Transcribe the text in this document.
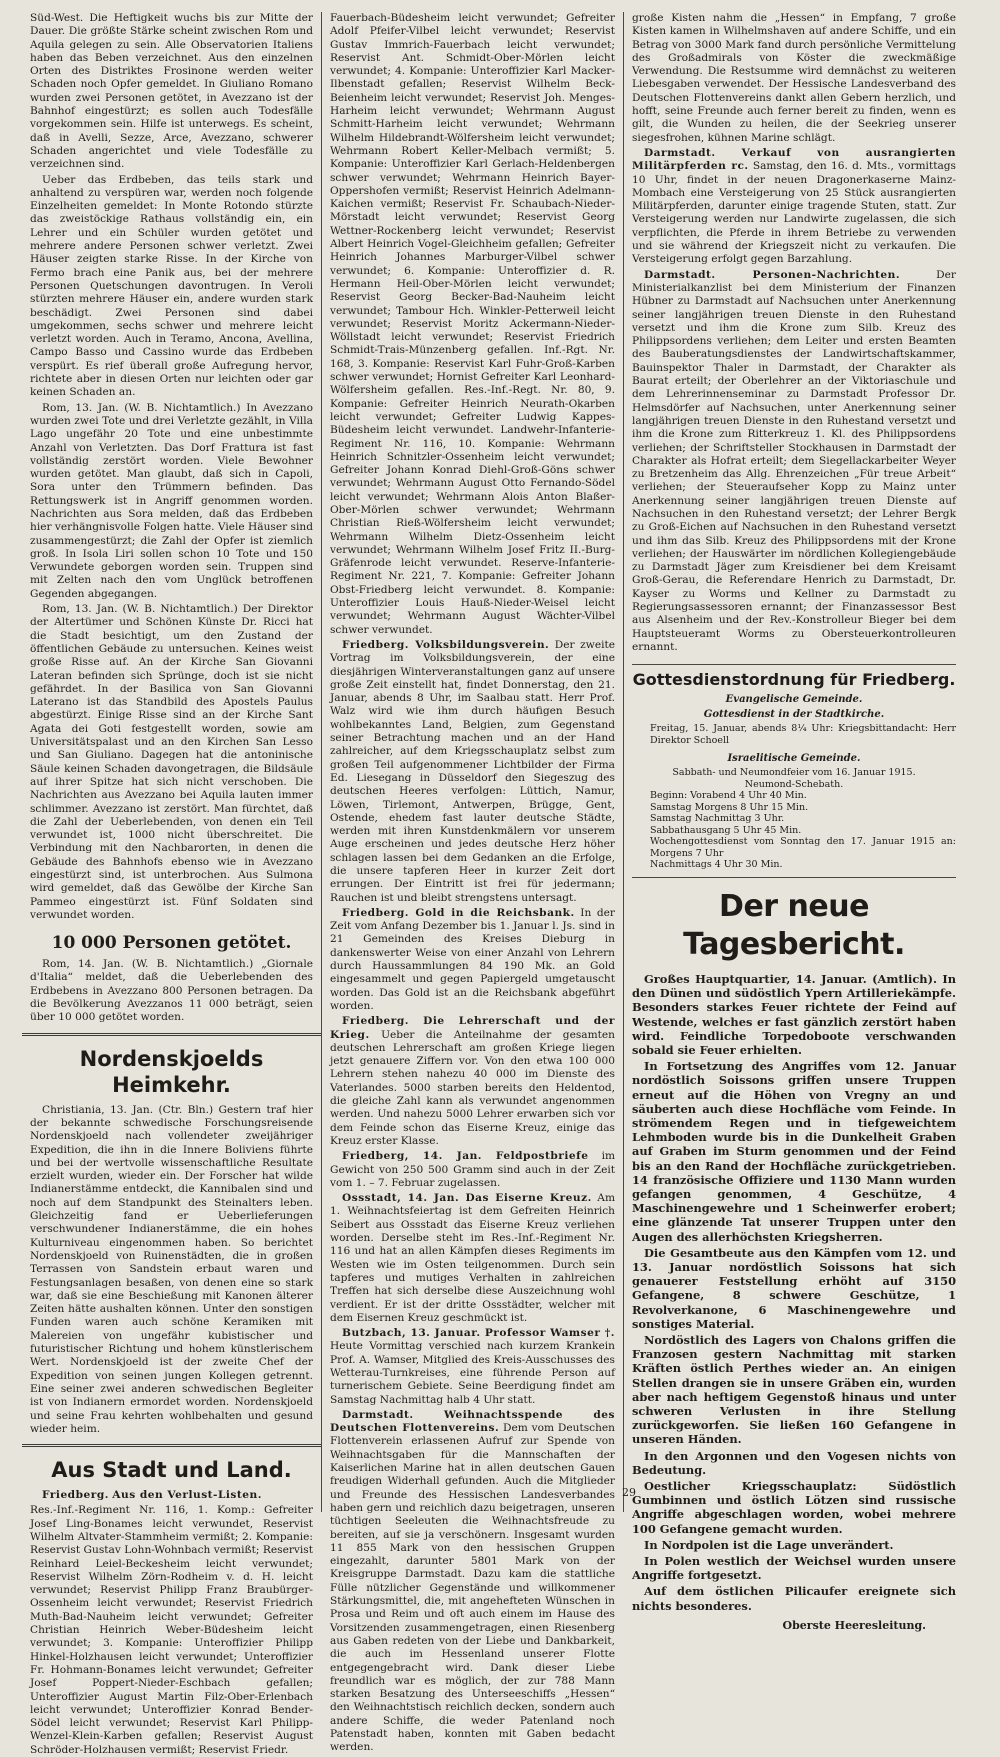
Süd-West. Die Heftigkeit wuchs bis zur Mitte der Dauer. Die größte Stärke scheint zwischen Rom und Aquila gelegen zu sein. Alle Observatorien Italiens haben das Beben verzeichnet. Aus den einzelnen Orten des Distriktes Frosinone werden weiter Schaden noch Opfer gemeldet. In Giuliano Romano wurden zwei Personen getötet, in Avezzano ist der Bahnhof eingestürzt; es sollen auch Todesfälle vorgekommen sein. Hilfe ist unterwegs. Es scheint, daß in Avelli, Sezze, Arce, Avezzano, schwerer Schaden angerichtet und viele Todesfälle zu verzeichnen sind.

Ueber das Erdbeben, das teils stark und anhaltend zu verspüren war, werden noch folgende Einzelheiten gemeldet: In Monte Rotondo stürzte das zweistöckige Rathaus vollständig ein, ein Lehrer und ein Schüler wurden getötet und mehrere andere Personen schwer verletzt. Zwei Häuser zeigten starke Risse. In der Kirche von Fermo brach eine Panik aus, bei der mehrere Personen Quetschungen davontrugen. In Veroli stürzten mehrere Häuser ein, andere wurden stark beschädigt. Zwei Personen sind dabei umgekommen, sechs schwer und mehrere leicht verletzt worden. Auch in Teramo, Ancona, Avellina, Campo Basso und Cassino wurde das Erdbeben verspürt. Es rief überall große Aufregung hervor, richtete aber in diesen Orten nur leichten oder gar keinen Schaden an.

Rom, 13. Jan. (W. B. Nichtamtlich.) In Avezzano wurden zwei Tote und drei Verletzte gezählt, in Villa Lago ungefähr 20 Tote und eine unbestimmte Anzahl von Verletzten. Das Dorf Frattura ist fast vollständig zerstört worden. Viele Bewohner wurden getötet. Man glaubt, daß sich in Capoli, Sora unter den Trümmern befinden. Das Rettungswerk ist in Angriff genommen worden. Nachrichten aus Sora melden, daß das Erdbeben hier verhängnisvolle Folgen hatte. Viele Häuser sind zusammengestürzt; die Zahl der Opfer ist ziemlich groß. In Isola Liri sollen schon 10 Tote und 150 Verwundete geborgen worden sein. Truppen sind mit Zelten nach den vom Unglück betroffenen Gegenden abgegangen.

Rom, 13. Jan. (W. B. Nichtamtlich.) Der Direktor der Altertümer und Schönen Künste Dr. Ricci hat die Stadt besichtigt, um den Zustand der öffentlichen Gebäude zu untersuchen. Keines weist große Risse auf. An der Kirche San Giovanni Lateran befinden sich Sprünge, doch ist sie nicht gefährdet. In der Basilica von San Giovanni Laterano ist das Standbild des Apostels Paulus abgestürzt. Einige Risse sind an der Kirche Sant Agata dei Goti festgestellt worden, sowie am Universitätspalast und an den Kirchen San Lesso und San Giuliano. Dagegen hat die antoninische Säule keinen Schaden davongetragen, die Bildsäule auf ihrer Spitze hat sich nicht verschoben. Die Nachrichten aus Avezzano bei Aquila lauten immer schlimmer. Avezzano ist zerstört. Man fürchtet, daß die Zahl der Ueberlebenden, von denen ein Teil verwundet ist, 1000 nicht überschreitet. Die Verbindung mit den Nachbarorten, in denen die Gebäude des Bahnhofs ebenso wie in Avezzano eingestürzt sind, ist unterbrochen. Aus Sulmona wird gemeldet, daß das Gewölbe der Kirche San Pammeo eingestürzt ist. Fünf Soldaten sind verwundet worden.

10 000 Personen getötet.

Rom, 14. Jan. (W. B. Nichtamtlich.) „Giornale d'Italia“ meldet, daß die Ueberlebenden des Erdbebens in Avezzano 800 Personen betragen. Da die Bevölkerung Avezzanos 11 000 beträgt, seien über 10 000 getötet worden.

Nordenskjoelds Heimkehr.

Christiania, 13. Jan. (Ctr. Bln.) Gestern traf hier der bekannte schwedische Forschungsreisende Nordenskjoeld nach vollendeter zweijähriger Expedition, die ihn in die Innere Boliviens führte und bei der wertvolle wissenschaftliche Resultate erzielt wurden, wieder ein. Der Forscher hat wilde Indianerstämme entdeckt, die Kannibalen sind und noch auf dem Standpunkt des Steinalters leben. Gleichzeitig fand er Ueberlieferungen verschwundener Indianerstämme, die ein hohes Kulturniveau eingenommen haben. So berichtet Nordenskjoeld von Ruinenstädten, die in großen Terrassen von Sandstein erbaut waren und Festungsanlagen besaßen, von denen eine so stark war, daß sie eine Beschießung mit Kanonen älterer Zeiten hätte aushalten können. Unter den sonstigen Funden waren auch schöne Keramiken mit Malereien von ungefähr kubistischer und futuristischer Richtung und hohem künstlerischem Wert. Nordenskjoeld ist der zweite Chef der Expedition von seinen jungen Kollegen getrennt. Eine seiner zwei anderen schwedischen Begleiter ist von Indianern ermordet worden. Nordenskjoeld und seine Frau kehrten wohlbehalten und gesund wieder heim.

Aus Stadt und Land.

Friedberg. Aus den Verlust-Listen.

Res.-Inf.-Regiment Nr. 116, 1. Komp.: Gefreiter Josef Ling-Bonames leicht verwundet, Reservist Wilhelm Altvater-Stammheim vermißt; 2. Kompanie: Reservist Gustav Lohn-Wohnbach vermißt; Reservist Reinhard Leiel-Beckesheim leicht verwundet; Reservist Wilhelm Zörn-Rodheim v. d. H. leicht verwundet; Reservist Philipp Franz Braubürger-Ossenheim leicht verwundet; Reservist Friedrich Muth-Bad-Nauheim leicht verwundet; Gefreiter Christian Heinrich Weber-Büdesheim leicht verwundet; 3. Kompanie: Unteroffizier Philipp Hinkel-Holzhausen leicht verwundet; Unteroffizier Fr. Hohmann-Bonames leicht verwundet; Gefreiter Josef Poppert-Nieder-Eschbach gefallen; Unteroffizier August Martin Filz-Ober-Erlenbach leicht verwundet; Unteroffizier Konrad Bender-Södel leicht verwundet; Reservist Karl Philipp-Wenzel-Klein-Karben gefallen; Reservist August Schröder-Holzhausen vermißt; Reservist Friedr.

Fauerbach-Büdesheim leicht verwundet; Gefreiter Adolf Pfeifer-Vilbel leicht verwundet; Reservist Gustav Immrich-Fauerbach leicht verwundet; Reservist Ant. Schmidt-Ober-Mörlen leicht verwundet; 4. Kompanie: Unteroffizier Karl Macker-Ilbenstadt gefallen; Reservist Wilhelm Beck-Beienheim leicht verwundet; Reservist Joh. Menges-Harheim leicht verwundet; Wehrmann August Schmitt-Harheim leicht verwundet; Wehrmann Wilhelm Hildebrandt-Wölfersheim leicht verwundet; Wehrmann Robert Keller-Melbach vermißt; 5. Kompanie: Unteroffizier Karl Gerlach-Heldenbergen schwer verwundet; Wehrmann Heinrich Bayer-Oppershofen vermißt; Reservist Heinrich Adelmann-Kaichen vermißt; Reservist Fr. Schaubach-Nieder-Mörstadt leicht verwundet; Reservist Georg Wettner-Rockenberg leicht verwundet; Reservist Albert Heinrich Vogel-Gleichheim gefallen; Gefreiter Heinrich Johannes Marburger-Vilbel schwer verwundet; 6. Kompanie: Unteroffizier d. R. Hermann Heil-Ober-Mörlen leicht verwundet; Reservist Georg Becker-Bad-Nauheim leicht verwundet; Tambour Hch. Winkler-Petterweil leicht verwundet; Reservist Moritz Ackermann-Nieder-Wöllstadt leicht verwundet; Reservist Friedrich Schmidt-Trais-Münzenberg gefallen. Inf.-Rgt. Nr. 168, 3. Kompanie: Reservist Karl Fuhr-Groß-Karben schwer verwundet; Hornist Gefreiter Karl Leonhard-Wölfersheim gefallen. Res.-Inf.-Regt. Nr. 80, 9. Kompanie: Gefreiter Heinrich Neurath-Okarben leicht verwundet; Gefreiter Ludwig Kappes-Büdesheim leicht verwundet. Landwehr-Infanterie-Regiment Nr. 116, 10. Kompanie: Wehrmann Heinrich Schnitzler-Ossenheim leicht verwundet; Gefreiter Johann Konrad Diehl-Groß-Göns schwer verwundet; Wehrmann August Otto Fernando-Södel leicht verwundet; Wehrmann Alois Anton Blaßer-Ober-Mörlen schwer verwundet; Wehrmann Christian Rieß-Wölfersheim leicht verwundet; Wehrmann Wilhelm Dietz-Ossenheim leicht verwundet; Wehrmann Wilhelm Josef Fritz II.-Burg-Gräfenrode leicht verwundet. Reserve-Infanterie-Regiment Nr. 221, 7. Kompanie: Gefreiter Johann Obst-Friedberg leicht verwundet. 8. Kompanie: Unteroffizier Louis Hauß-Nieder-Weisel leicht verwundet; Wehrmann August Wächter-Vilbel schwer verwundet.

Friedberg. Volksbildungsverein. Der zweite Vortrag im Volksbildungsverein, der eine diesjährigen Winterveranstaltungen ganz auf unsere große Zeit einstellt hat, findet Donnerstag, den 21. Januar, abends 8 Uhr, im Saalbau statt. Herr Prof. Walz wird wie ihm durch häufigen Besuch wohlbekanntes Land, Belgien, zum Gegenstand seiner Betrachtung machen und an der Hand zahlreicher, auf dem Kriegsschauplatz selbst zum großen Teil aufgenommener Lichtbilder der Firma Ed. Liesegang in Düsseldorf den Siegeszug des deutschen Heeres verfolgen: Lüttich, Namur, Löwen, Tirlemont, Antwerpen, Brügge, Gent, Ostende, ehedem fast lauter deutsche Städte, werden mit ihren Kunstdenkmälern vor unserem Auge erscheinen und jedes deutsche Herz höher schlagen lassen bei dem Gedanken an die Erfolge, die unsere tapferen Heer in kurzer Zeit dort errungen. Der Eintritt ist frei für jedermann; Rauchen ist und bleibt strengstens untersagt.

Friedberg. Gold in die Reichsbank. In der Zeit vom Anfang Dezember bis 1. Januar l. Js. sind in 21 Gemeinden des Kreises Dieburg in dankenswerter Weise von einer Anzahl von Lehrern durch Haussammlungen 84 190 Mk. an Gold eingesammelt und gegen Papiergeld umgetauscht worden. Das Gold ist an die Reichsbank abgeführt worden.

Friedberg. Die Lehrerschaft und der Krieg. Ueber die Anteilnahme der gesamten deutschen Lehrerschaft am großen Kriege liegen jetzt genauere Ziffern vor. Von den etwa 100 000 Lehrern stehen nahezu 40 000 im Dienste des Vaterlandes. 5000 starben bereits den Heldentod, die gleiche Zahl kann als verwundet angenommen werden. Und nahezu 5000 Lehrer erwarben sich vor dem Feinde schon das Eiserne Kreuz, einige das Kreuz erster Klasse.

Friedberg, 14. Jan. Feldpostbriefe im Gewicht von 250 500 Gramm sind auch in der Zeit vom 1. – 7. Februar zugelassen.

Ossstadt, 14. Jan. Das Eiserne Kreuz. Am 1. Weihnachtsfeiertag ist dem Gefreiten Heinrich Seibert aus Ossstadt das Eiserne Kreuz verliehen worden. Derselbe steht im Res.-Inf.-Regiment Nr. 116 und hat an allen Kämpfen dieses Regiments im Westen wie im Osten teilgenommen. Durch sein tapferes und mutiges Verhalten in zahlreichen Treffen hat sich derselbe diese Auszeichnung wohl verdient. Er ist der dritte Ossstädter, welcher mit dem Eisernen Kreuz geschmückt ist.

Butzbach, 13. Januar. Professor Wamser †. Heute Vormittag verschied nach kurzem Krankein Prof. A. Wamser, Mitglied des Kreis-Ausschusses des Wetterau-Turnkreises, eine führende Person auf turnerischem Gebiete. Seine Beerdigung findet am Samstag Nachmittag halb 4 Uhr statt.

Darmstadt. Weihnachtsspende des Deutschen Flottenvereins. Dem vom Deutschen Flottenverein erlassenen Aufruf zur Spende von Weihnachtsgaben für die Mannschaften der Kaiserlichen Marine hat in allen deutschen Gauen freudigen Widerhall gefunden. Auch die Mitglieder und Freunde des Hessischen Landesverbandes haben gern und reichlich dazu beigetragen, unseren tüchtigen Seeleuten die Weihnachtsfreude zu bereiten, auf sie ja verschönern. Insgesamt wurden 11 855 Mark von den hessischen Gruppen eingezahlt, darunter 5801 Mark von der Kreisgruppe Darmstadt. Dazu kam die stattliche Fülle nützlicher Gegenstände und willkommener Stärkungsmittel, die, mit angehefteten Wünschen in Prosa und Reim und oft auch einem im Hause des Vorsitzenden zusammengetragen, einen Riesenberg aus Gaben redeten von der Liebe und Dankbarkeit, die auch im Hessenland unserer Flotte entgegengebracht wird. Dank dieser Liebe freundlich war es möglich, der zur 788 Mann starken Besatzung des Unterseeschiffs „Hessen“ den Weihnachtstisch reichlich decken, sondern auch andere Schiffe, die weder Patenland noch Patenstadt haben, konnten mit Gaben bedacht werden.

große Kisten nahm die „Hessen“ in Empfang, 7 große Kisten kamen in Wilhelmshaven auf andere Schiffe, und ein Betrag von 3000 Mark fand durch persönliche Vermittelung des Großadmirals von Köster die zweckmäßige Verwendung. Die Restsumme wird demnächst zu weiteren Liebesgaben verwendet. Der Hessische Landesverband des Deutschen Flottenvereins dankt allen Gebern herzlich, und hofft, seine Freunde auch ferner bereit zu finden, wenn es gilt, die Wunden zu heilen, die der Seekrieg unserer siegesfrohen, kühnen Marine schlägt.

Darmstadt. Verkauf von ausrangierten Militärpferden rc. Samstag, den 16. d. Mts., vormittags 10 Uhr, findet in der neuen Dragonerkaserne Mainz-Mombach eine Versteigerung von 25 Stück ausrangierten Militärpferden, darunter einige tragende Stuten, statt. Zur Versteigerung werden nur Landwirte zugelassen, die sich verpflichten, die Pferde in ihrem Betriebe zu verwenden und sie während der Kriegszeit nicht zu verkaufen. Die Versteigerung erfolgt gegen Barzahlung.

Darmstadt. Personen-Nachrichten.	Der Ministerialkanzlist bei dem Ministerium der Finanzen Hübner zu Darmstadt auf Nachsuchen unter Anerkennung seiner langjährigen treuen Dienste in den Ruhestand versetzt und ihm die Krone zum Silb. Kreuz des Philippsordens verliehen; dem Leiter und ersten Beamten des Bauberatungsdienstes der Landwirtschaftskammer, Bauinspektor Thaler in Darmstadt, der Charakter als Baurat erteilt; der Oberlehrer an der Viktoriaschule und dem Lehrerinnenseminar zu Darmstadt Professor Dr. Helmsdörfer auf Nachsuchen, unter Anerkennung seiner langjährigen treuen Dienste in den Ruhestand versetzt und ihm die Krone zum Ritterkreuz 1. Kl. des Philippsordens verliehen; der Schriftsteller Stockhausen in Darmstadt der Charakter als Hofrat erteilt; dem Siegellackarbeiter Weyer zu Bretzenheim das Allg. Ehrenzeichen „Für treue Arbeit“ verliehen; der Steueraufseher Kopp zu Mainz unter Anerkennung seiner langjährigen treuen Dienste auf Nachsuchen in den Ruhestand versetzt; der Lehrer Bergk zu Groß-Eichen auf Nachsuchen in den Ruhestand versetzt und ihm das Silb. Kreuz des Philippsordens mit der Krone verliehen; der Hauswärter im nördlichen Kollegiengebäude zu Darmstadt Jäger zum Kreisdiener bei dem Kreisamt Groß-Gerau, die Referendare Henrich zu Darmstadt, Dr. Kayser zu Worms und Kellner zu Darmstadt zu Regierungsassessoren ernannt; der Finanzassessor Best aus Alsenheim und der Rev.-Konstrolleur Bieger bei dem Hauptsteueramt Worms zu Obersteuerkontrolleuren ernannt.

Gottesdienstordnung für Friedberg.
Evangelische Gemeinde.
Gottesdienst in der Stadtkirche.
Freitag, 15. Januar, abends 8¼ Uhr: Kriegsbittandacht: Herr Direktor Schoell
Israelitische Gemeinde.
Sabbath- und Neumondfeier vom 16. Januar 1915.
Neumond-Schebath.
Beginn: Vorabend 4 Uhr 40 Min.
Samstag Morgens 8 Uhr 15 Min.
Samstag Nachmittag 3 Uhr.
Sabbathausgang 5 Uhr 45 Min.
Wochengottesdienst vom Sonntag den 17. Januar 1915 an: Morgens 7 Uhr
Nachmittags 4 Uhr 30 Min.
Der neue Tagesbericht.

Großes Hauptquartier, 14. Januar. (Amtlich). In den Dünen und südöstlich Ypern Artilleriekämpfe. Besonders starkes Feuer richtete der Feind auf Westende, welches er fast gänzlich zerstört haben wird. Feindliche Torpedoboote verschwanden sobald sie Feuer erhielten.

In Fortsetzung des Angriffes vom 12. Januar nordöstlich Soissons griffen unsere Truppen erneut auf die Höhen von Vregny an und säuberten auch diese Hochfläche vom Feinde. In strömendem Regen und in tiefgeweichtem Lehmboden wurde bis in die Dunkelheit Graben auf Graben im Sturm genommen und der Feind bis an den Rand der Hochfläche zurückgetrieben. 14 französische Offiziere und 1130 Mann wurden gefangen genommen, 4 Geschütze, 4 Maschinengewehre und 1 Scheinwerfer erobert; eine glänzende Tat unserer Truppen unter den Augen des allerhöchsten Kriegsherren.

Die Gesamtbeute aus den Kämpfen vom 12. und 13. Januar nordöstlich Soissons hat sich genauerer Feststellung erhöht auf 3150 Gefangene, 8 schwere Geschütze, 1 Revolverkanone, 6 Maschinengewehre und sonstiges Material.

Nordöstlich des Lagers von Chalons griffen die Franzosen gestern Nachmittag mit starken Kräften östlich Perthes wieder an. An einigen Stellen drangen sie in unsere Gräben ein, wurden aber nach heftigem Gegenstoß hinaus und unter schweren Verlusten in ihre Stellung zurückgeworfen. Sie ließen 160 Gefangene in unseren Händen.

In den Argonnen und den Vogesen nichts von Bedeutung.

Oestlicher Kriegsschauplatz: Südöstlich Gumbinnen und östlich Lötzen sind russische Angriffe abgeschlagen worden, wobei mehrere 100 Gefangene gemacht wurden.

In Nordpolen ist die Lage unverändert.

In Polen westlich der Weichsel wurden unsere Angriffe fortgesetzt.

Auf dem östlichen Pilicaufer ereignete sich nichts besonderes.

Oberste Heeresleitung.
29
